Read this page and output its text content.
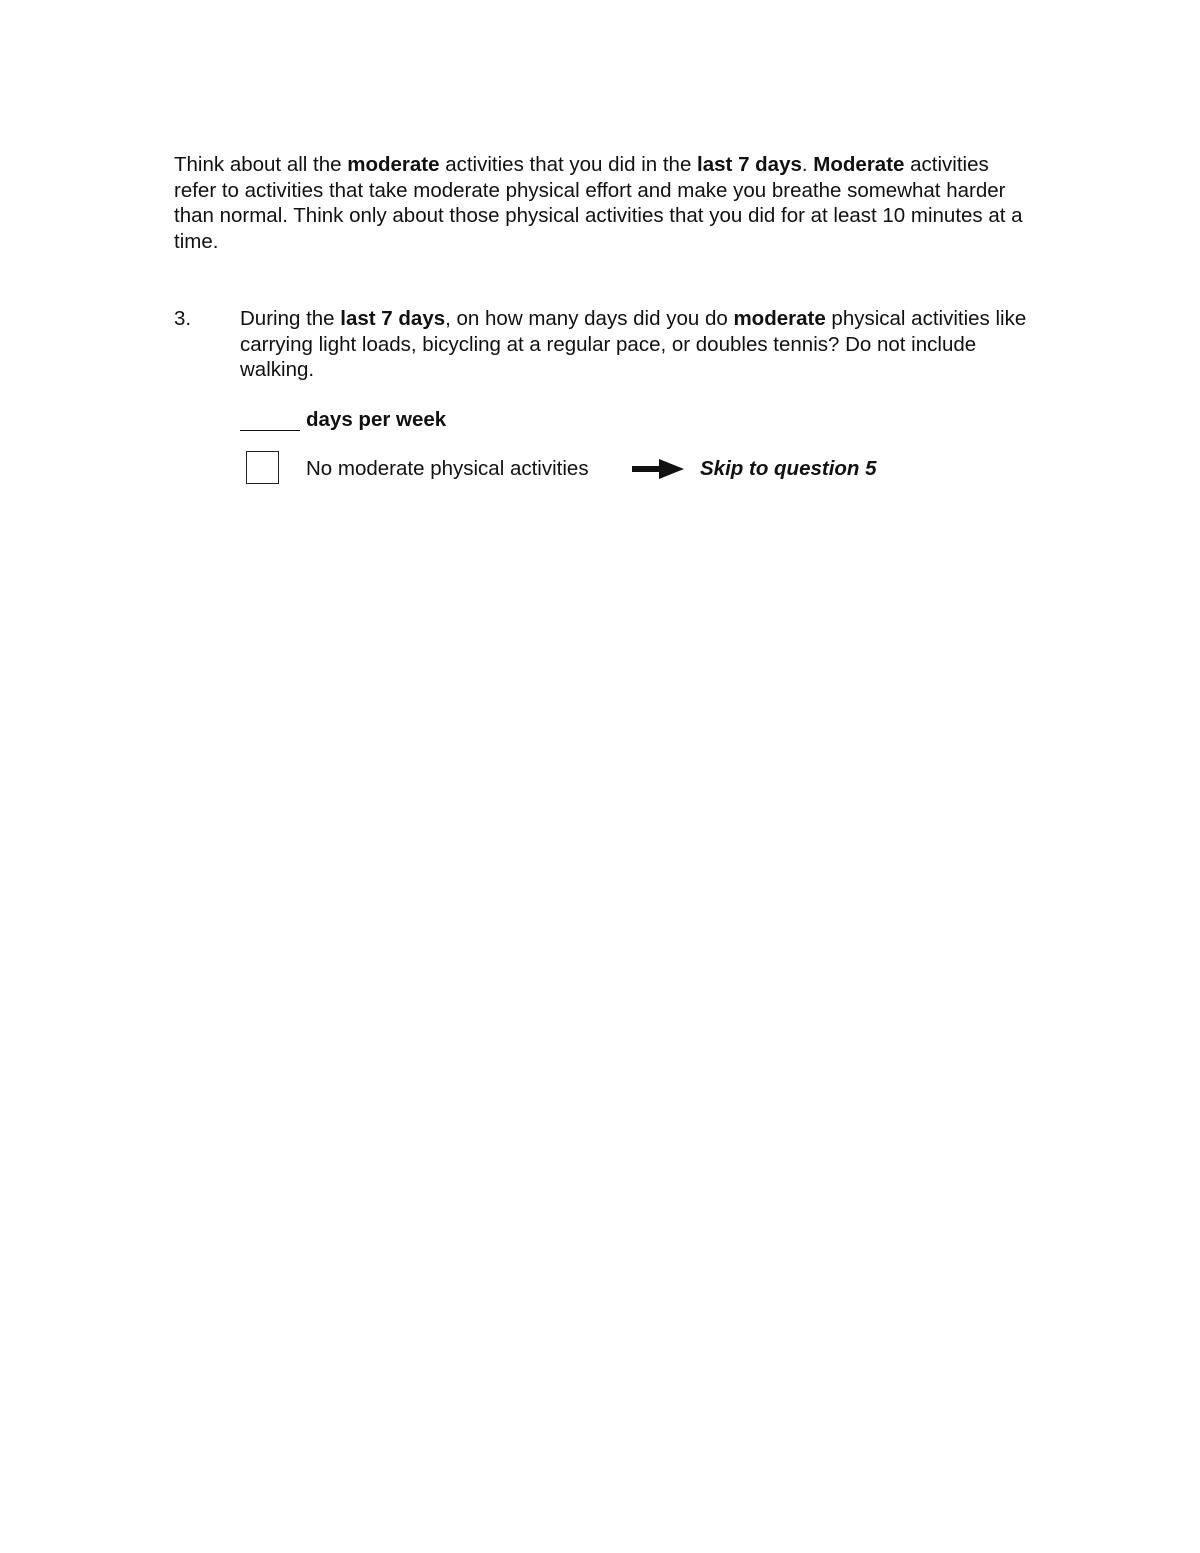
Think about all the moderate activities that you did in the last 7 days. Moderate activities refer to activities that take moderate physical effort and make you breathe somewhat harder than normal. Think only about those physical activities that you did for at least 10 minutes at a time.

3. During the last 7 days, on how many days did you do moderate physical activities like carrying light loads, bicycling at a regular pace, or doubles tennis? Do not include walking.

days per week
No moderate physical activities	Skip to question 5
